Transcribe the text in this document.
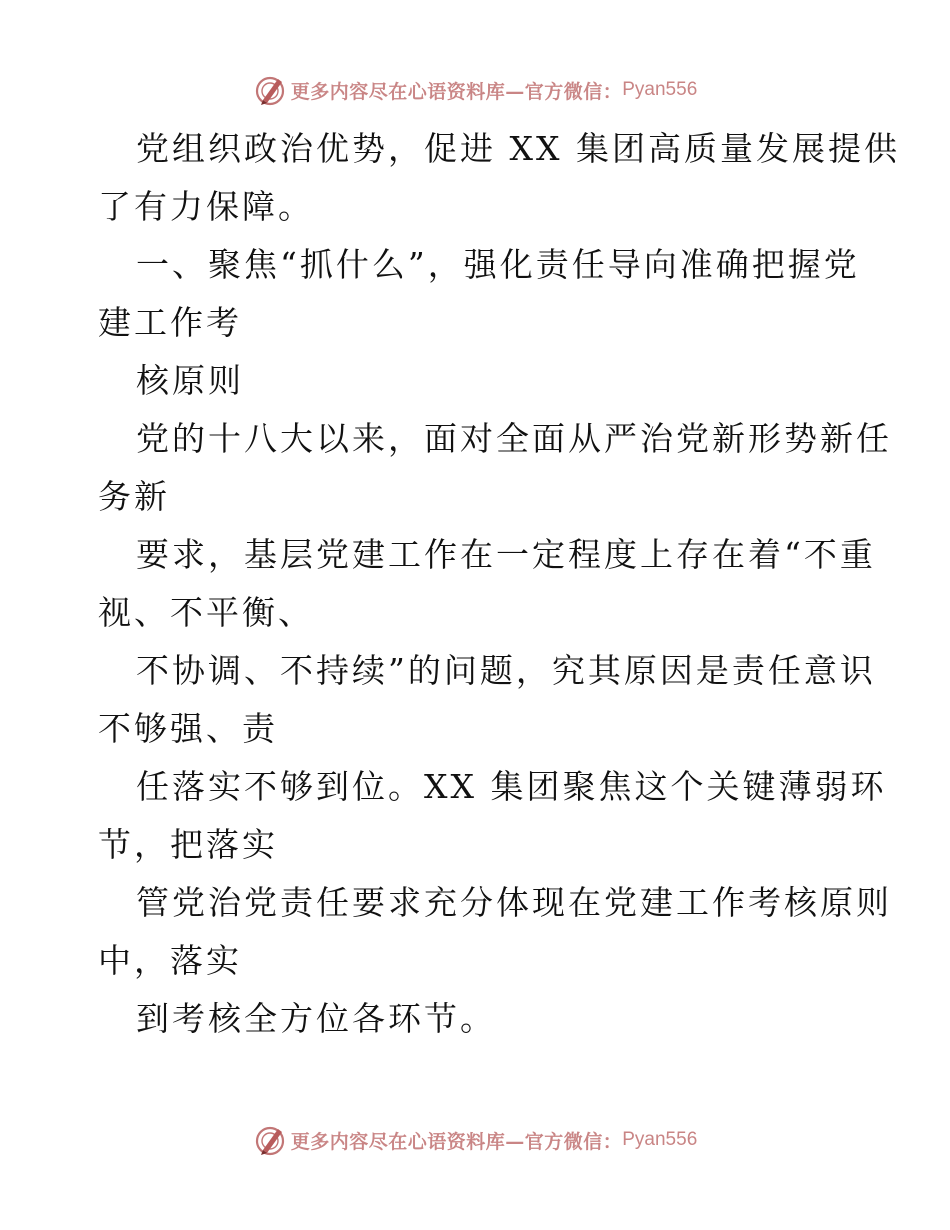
更多内容尽在心语资料库—官方微信： Pyan556
党组织政治优势，促进 XX 集团高质量发展提供
了有力保障。
一、聚焦“抓什么”，强化责任导向准确把握党
建工作考
核原则
党的十八大以来，面对全面从严治党新形势新任
务新
要求，基层党建工作在一定程度上存在着“不重
视、不平衡、
不协调、不持续”的问题，究其原因是责任意识
不够强、责
任落实不够到位。XX 集团聚焦这个关键薄弱环
节，把落实
管党治党责任要求充分体现在党建工作考核原则
中，落实
到考核全方位各环节。
更多内容尽在心语资料库—官方微信： Pyan556
